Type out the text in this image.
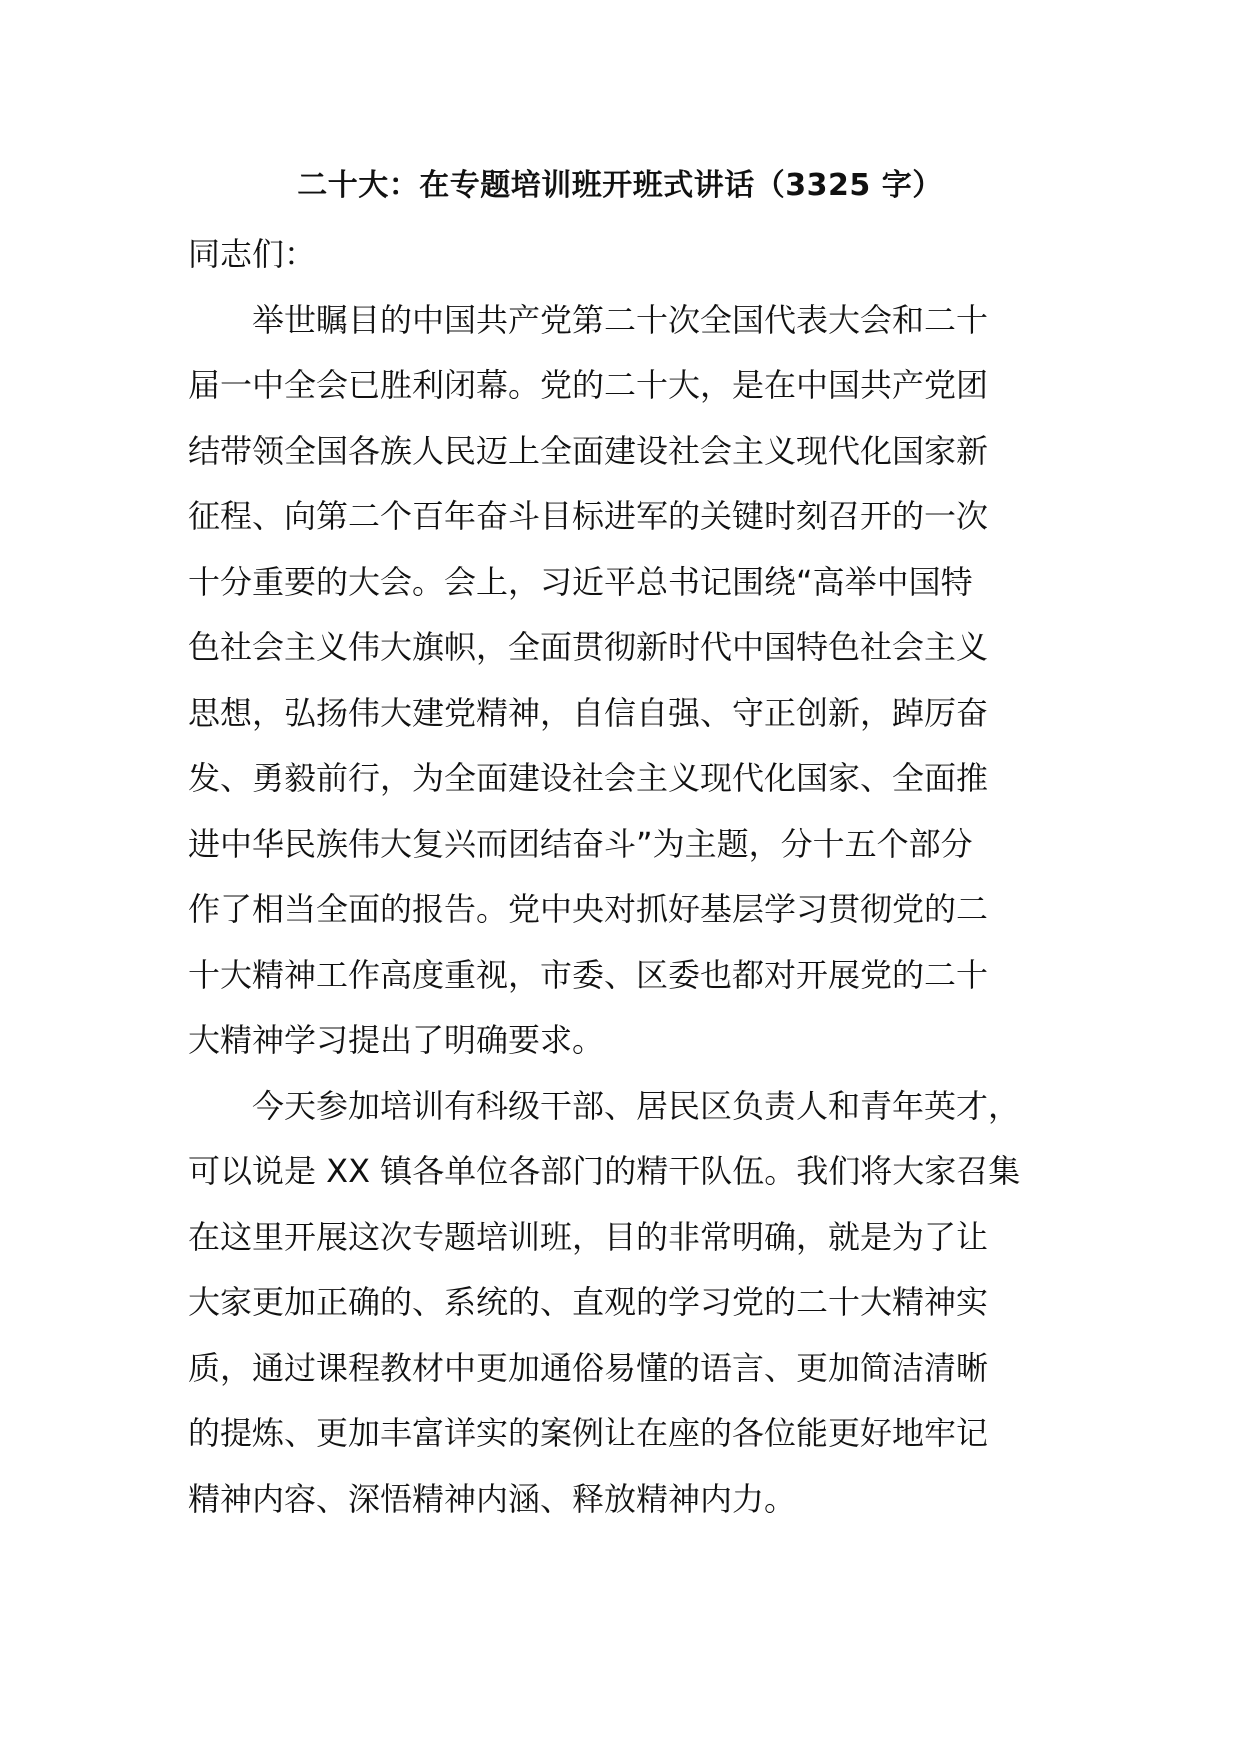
二十大：在专题培训班开班式讲话（3325 字）

同志们：

举世瞩目的中国共产党第二十次全国代表大会和二十
届一中全会已胜利闭幕。党的二十大，是在中国共产党团
结带领全国各族人民迈上全面建设社会主义现代化国家新
征程、向第二个百年奋斗目标进军的关键时刻召开的一次
十分重要的大会。会上，习近平总书记围绕“高举中国特
色社会主义伟大旗帜，全面贯彻新时代中国特色社会主义
思想，弘扬伟大建党精神，自信自强、守正创新，踔厉奋
发、勇毅前行，为全面建设社会主义现代化国家、全面推
进中华民族伟大复兴而团结奋斗”为主题，分十五个部分
作了相当全面的报告。党中央对抓好基层学习贯彻党的二
十大精神工作高度重视，市委、区委也都对开展党的二十
大精神学习提出了明确要求。

今天参加培训有科级干部、居民区负责人和青年英才，
可以说是 XX 镇各单位各部门的精干队伍。我们将大家召集
在这里开展这次专题培训班，目的非常明确，就是为了让
大家更加正确的、系统的、直观的学习党的二十大精神实
质，通过课程教材中更加通俗易懂的语言、更加简洁清晰
的提炼、更加丰富详实的案例让在座的各位能更好地牢记
精神内容、深悟精神内涵、释放精神内力。
